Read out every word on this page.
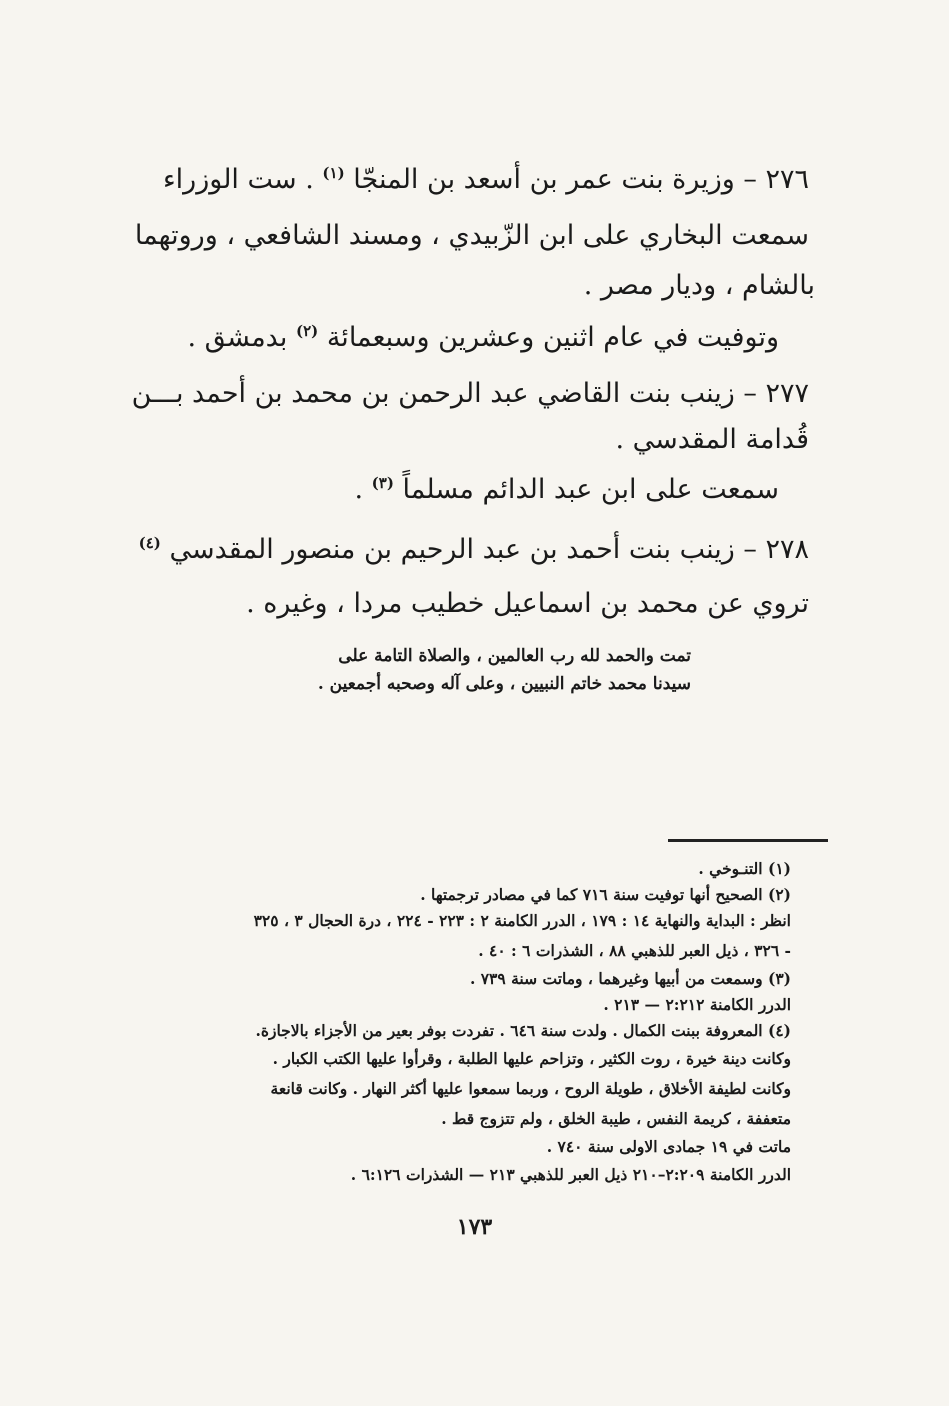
٢٧٦ – وزيرة بنت عمر بن أسعد بن المنجّا $^{(١)}$ . ست الوزراء
سمعت البخاري على ابن الزّبيدي ، ومسند الشافعي ، وروتهما
بالشام ، وديار مصر .
وتوفيت في عام اثنين وعشرين وسبعمائة $^{(٢)}$ بدمشق .
٢٧٧ – زينب بنت القاضي عبد الرحمن بن محمد بن أحمد بـــن
قُدامة المقدسي .
سمعت على ابن عبد الدائم مسلماً $^{(٣)}$ .
٢٧٨ – زينب بنت أحمد بن عبد الرحيم بن منصور المقدسي $^{(٤)}$
تروي عن محمد بن اسماعيل خطيب مردا ، وغيره .
تمت والحمد لله رب العالمين ، والصلاة التامة على
سيدنا محمد خاتم النبيين ، وعلى آله وصحبه أجمعين .
(١) التنـوخي .
(٢) الصحيح أنها توفيت سنة ٧١٦ كما في مصادر ترجمتها .
انظر : البداية والنهاية ١٤ : ١٧٩ ، الدرر الكامنة ٢ : ٢٢٣ - ٢٢٤ ، درة الحجال ٣ ، ٣٢٥
- ٣٢٦ ، ذيل العبر للذهبي ٨٨ ، الشذرات ٦ : ٤٠ .
(٣) وسمعت من أبيها وغيرهما ، وماتت سنة ٧٣٩ .
الدرر الكامنة ٢:٢١٢ — ٢١٣ .
(٤) المعروفة ببنت الكمال . ولدت سنة ٦٤٦ . تفردت بوفر بعير من الأجزاء بالاجازة.
وكانت دينة خيرة ، روت الكثير ، وتزاحم عليها الطلبة ، وقرأوا عليها الكتب الكبار .
وكانت لطيفة الأخلاق ، طويلة الروح ، وربما سمعوا عليها أكثر النهار . وكانت قانعة
متعففة ، كريمة النفس ، طيبة الخلق ، ولم تتزوج قط .
ماتت في ١٩ جمادى الاولى سنة ٧٤٠ .
الدرر الكامنة ٢:٢٠٩–٢١٠ ذيل العبر للذهبي ٢١٣ — الشذرات ٦:١٢٦ .
١٧٣
